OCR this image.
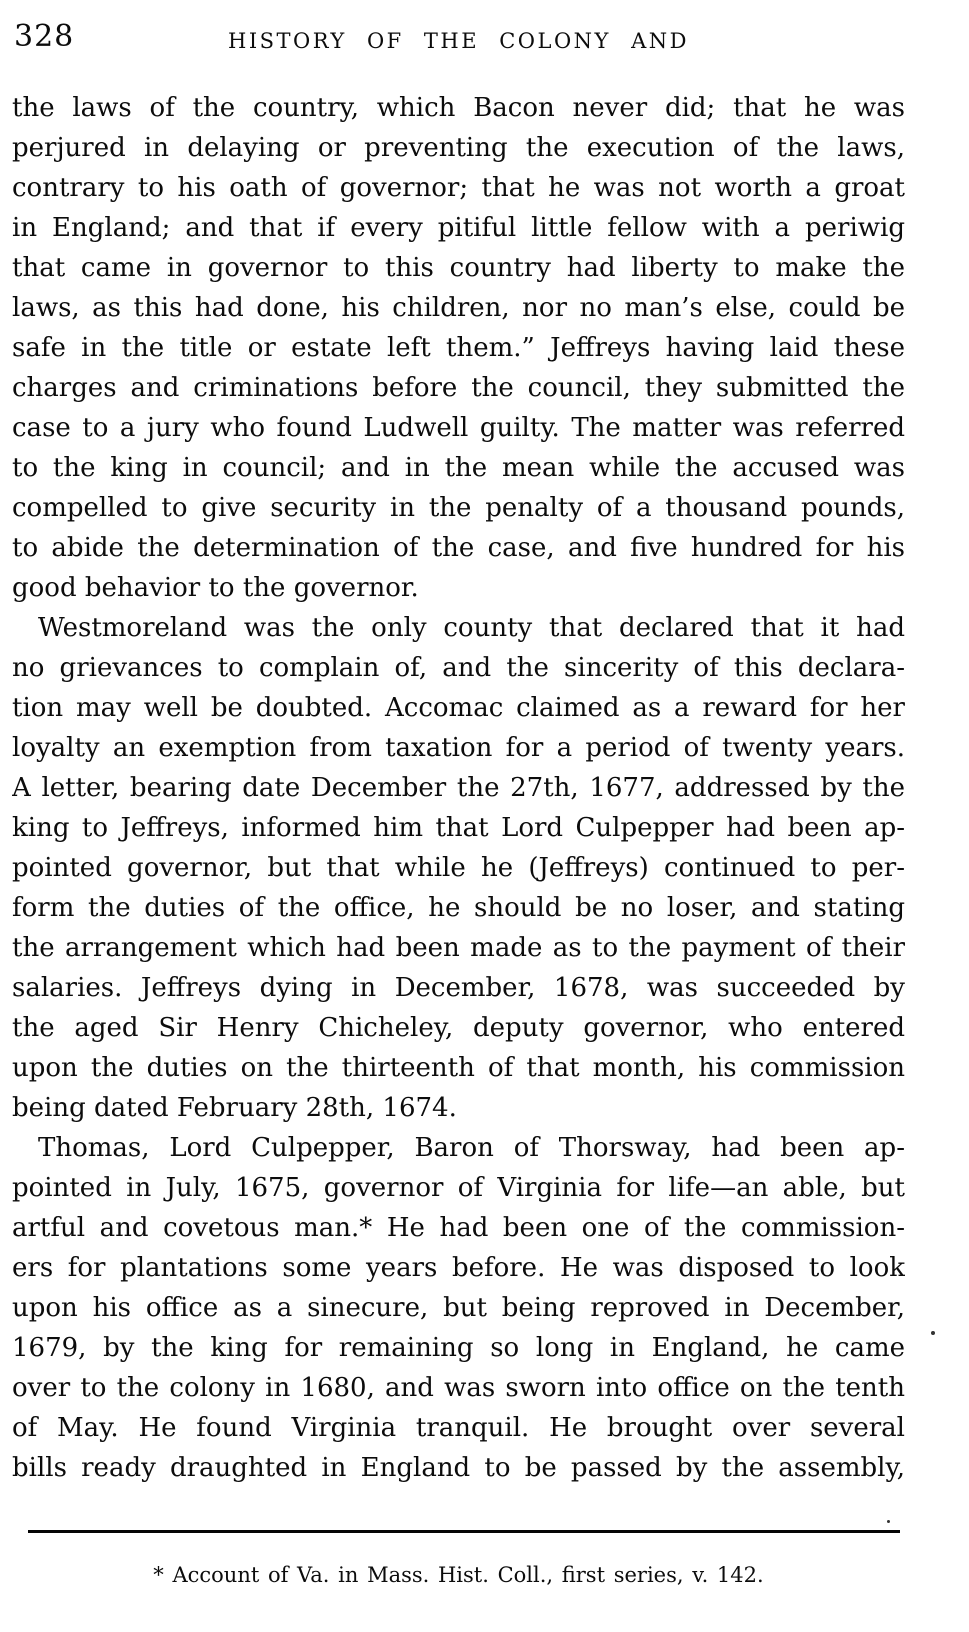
328	HISTORY OF THE COLONY AND
the laws of the country, which Bacon never did; that he was
perjured in delaying or preventing the execution of the laws,
contrary to his oath of governor; that he was not worth a groat
in England; and that if every pitiful little fellow with a periwig
that came in governor to this country had liberty to make the
laws, as this had done, his children, nor no man’s else, could be
safe in the title or estate left them.” Jeffreys having laid these
charges and criminations before the council, they submitted the
case to a jury who found Ludwell guilty. The matter was referred
to the king in council; and in the mean while the accused was
compelled to give security in the penalty of a thousand pounds,
to abide the determination of the case, and five hundred for his
good behavior to the governor.
Westmoreland was the only county that declared that it had
no grievances to complain of, and the sincerity of this declara-
tion may well be doubted. Accomac claimed as a reward for her
loyalty an exemption from taxation for a period of twenty years.
A letter, bearing date December the 27th, 1677, addressed by the
king to Jeffreys, informed him that Lord Culpepper had been ap-
pointed governor, but that while he (Jeffreys) continued to per-
form the duties of the office, he should be no loser, and stating
the arrangement which had been made as to the payment of their
salaries. Jeffreys dying in December, 1678, was succeeded by
the aged Sir Henry Chicheley, deputy governor, who entered
upon the duties on the thirteenth of that month, his commission
being dated February 28th, 1674.
Thomas, Lord Culpepper, Baron of Thorsway, had been ap-
pointed in July, 1675, governor of Virginia for life—an able, but
artful and covetous man.* He had been one of the commission-
ers for plantations some years before. He was disposed to look
upon his office as a sinecure, but being reproved in December,
1679, by the king for remaining so long in England, he came
over to the colony in 1680, and was sworn into office on the tenth
of May. He found Virginia tranquil. He brought over several
bills ready draughted in England to be passed by the assembly,
* Account of Va. in Mass. Hist. Coll., first series, v. 142.
